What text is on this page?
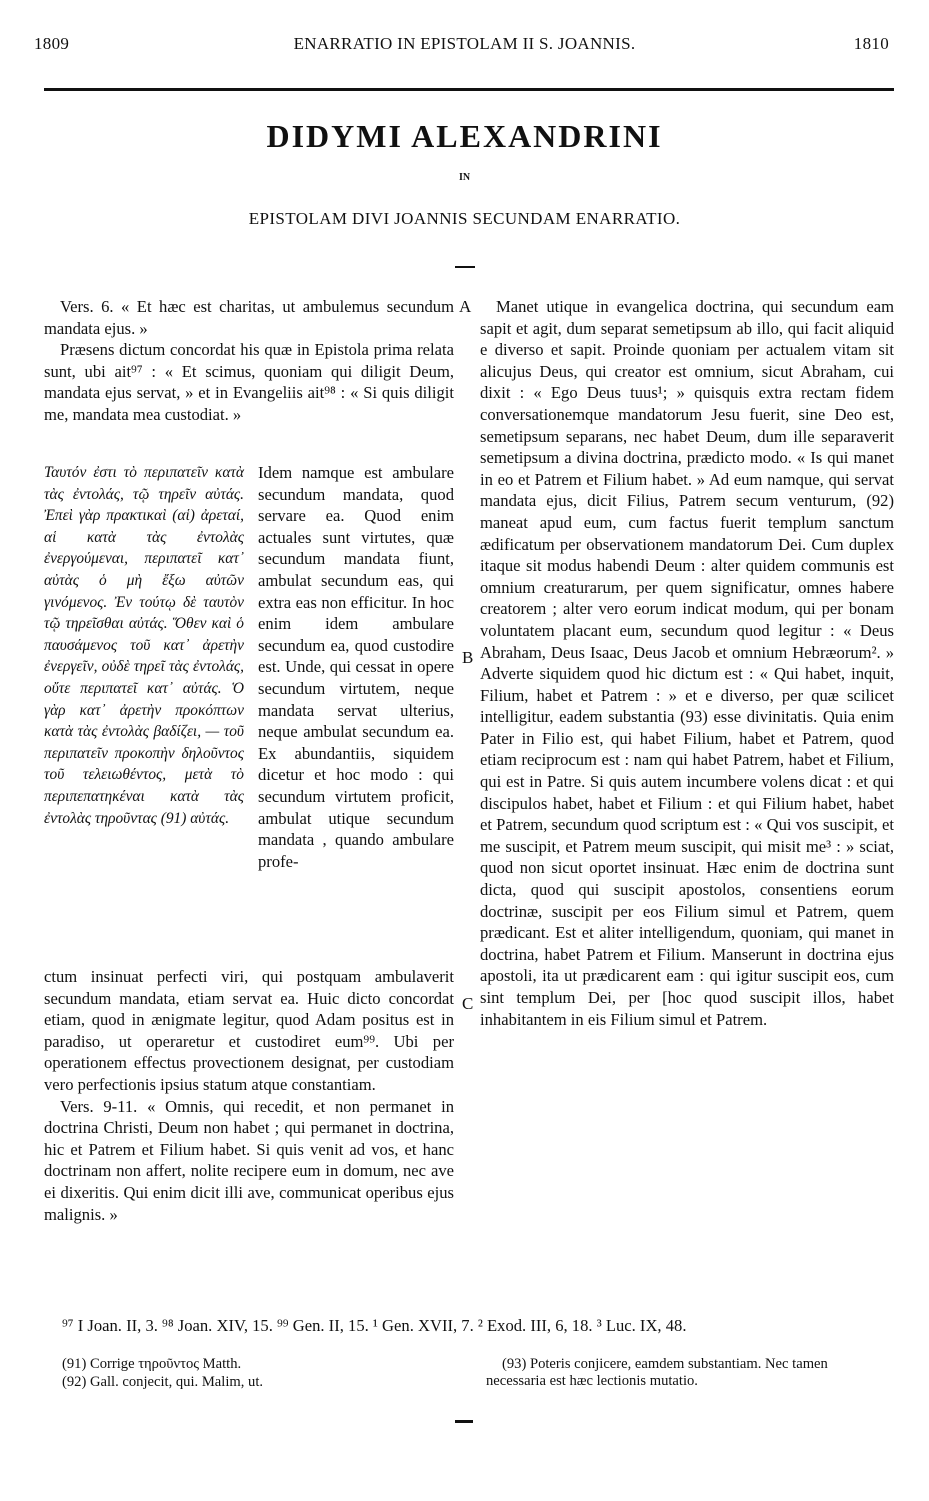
1809	ENARRATIO IN EPISTOLAM II S. JOANNIS.	1810
DIDYMI ALEXANDRINI
IN
EPISTOLAM DIVI JOANNIS SECUNDAM ENARRATIO.
A
B
C

Vers. 6. « Et hæc est charitas, ut ambulemus secundum mandata ejus. »

Præsens dictum concordat his quæ in Epistola prima relata sunt, ubi ait⁹⁷ : « Et scimus, quoniam qui diligit Deum, mandata ejus servat, » et in Evangeliis ait⁹⁸ : « Si quis diligit me, mandata mea custodiat. »

Ταυτόν ἐστι τὸ περιπατεῖν κατὰ τὰς ἐντολάς, τῷ τηρεῖν αὐτάς. Ἐπεὶ γὰρ πρακτικαὶ (αἱ) ἀρεταί, αἱ κατὰ τὰς ἐντολὰς ἐνεργούμεναι, περιπατεῖ κατ᾽ αὐτὰς ὁ μὴ ἔξω αὐτῶν γινόμενος. Ἐν τούτῳ δὲ ταυτὸν τῷ τηρεῖσθαι αὐτάς. Ὅθεν καὶ ὁ παυσάμενος τοῦ κατ᾽ ἀρετὴν ἐνεργεῖν, οὐδὲ τηρεῖ τὰς ἐντολάς, οὔτε περιπατεῖ κατ᾽ αὐτάς. Ὁ γὰρ κατ᾽ ἀρετὴν προκόπτων κατὰ τὰς ἐντολὰς βαδίζει, — τοῦ περιπατεῖν προκοπὴν δηλοῦντος τοῦ τελειωθέντος, μετὰ τὸ περιπεπατηκέναι κατὰ τὰς ἐντολὰς τηροῦντας (91) αὐτάς.

Idem namque est ambulare secundum mandata, quod servare ea. Quod enim actuales sunt virtutes, quæ secundum mandata fiunt, ambulat secundum eas, qui extra eas non efficitur. In hoc enim idem ambulare secundum ea, quod custodire est. Unde, qui cessat in opere secundum virtutem, neque mandata servat ulterius, neque ambulat secundum ea. Ex abundantiis, siquidem dicetur et hoc modo : qui secundum virtutem proficit, ambulat utique secundum mandata , quando ambulare profe-

ctum insinuat perfecti viri, qui postquam ambulaverit secundum mandata, etiam servat ea. Huic dicto concordat etiam, quod in ænigmate legitur, quod Adam positus est in paradiso, ut operaretur et custodiret eum⁹⁹. Ubi per operationem effectus provectionem designat, per custodiam vero perfectionis ipsius statum atque constantiam.

Vers. 9-11. « Omnis, qui recedit, et non permanet in doctrina Christi, Deum non habet ; qui permanet in doctrina, hic et Patrem et Filium habet. Si quis venit ad vos, et hanc doctrinam non affert, nolite recipere eum in domum, nec ave ei dixeritis. Qui enim dicit illi ave, communicat operibus ejus malignis. »

Manet utique in evangelica doctrina, qui secundum eam sapit et agit, dum separat semetipsum ab illo, qui facit aliquid e diverso et sapit. Proinde quoniam per actualem vitam sit alicujus Deus, qui creator est omnium, sicut Abraham, cui dixit : « Ego Deus tuus¹; » quisquis extra rectam fidem conversationemque mandatorum Jesu fuerit, sine Deo est, semetipsum separans, nec habet Deum, dum ille separaverit semetipsum a divina doctrina, prædicto modo. « Is qui manet in eo et Patrem et Filium habet. » Ad eum namque, qui servat mandata ejus, dicit Filius, Patrem secum venturum, (92) maneat apud eum, cum factus fuerit templum sanctum ædificatum per observationem mandatorum Dei. Cum duplex itaque sit modus habendi Deum : alter quidem communis est omnium creaturarum, per quem significatur, omnes habere creatorem ; alter vero eorum indicat modum, qui per bonam voluntatem placant eum, secundum quod legitur : « Deus Abraham, Deus Isaac, Deus Jacob et omnium Hebræorum². » Adverte siquidem quod hic dictum est : « Qui habet, inquit, Filium, habet et Patrem : » et e diverso, per quæ scilicet intelligitur, eadem substantia (93) esse divinitatis. Quia enim Pater in Filio est, qui habet Filium, habet et Patrem, quod etiam reciprocum est : nam qui habet Patrem, habet et Filium, qui est in Patre. Si quis autem incumbere volens dicat : et qui discipulos habet, habet et Filium : et qui Filium habet, habet et Patrem, secundum quod scriptum est : « Qui vos suscipit, et me suscipit, et Patrem meum suscipit, qui misit me³ : » sciat, quod non sicut oportet insinuat. Hæc enim de doctrina sunt dicta, quod qui suscipit apostolos, consentiens eorum doctrinæ, suscipit per eos Filium simul et Patrem, quem prædicant. Est et aliter intelligendum, quoniam, qui manet in doctrina, habet Patrem et Filium. Manserunt in doctrina ejus apostoli, ita ut prædicarent eam : qui igitur suscipit eos, cum sint templum Dei, per [hoc quod suscipit illos, habet inhabitantem in eis Filium simul et Patrem.

⁹⁷ I Joan. II, 3. ⁹⁸ Joan. XIV, 15. ⁹⁹ Gen. II, 15. ¹ Gen. XVII, 7. ² Exod. III, 6, 18. ³ Luc. IX, 48.
(91) Corrige τηροῦντος Matth.
(92) Gall. conjecit, qui. Malim, ut.
(93) Poteris conjicere, eamdem substantiam. Nec tamen necessaria est hæc lectionis mutatio.
